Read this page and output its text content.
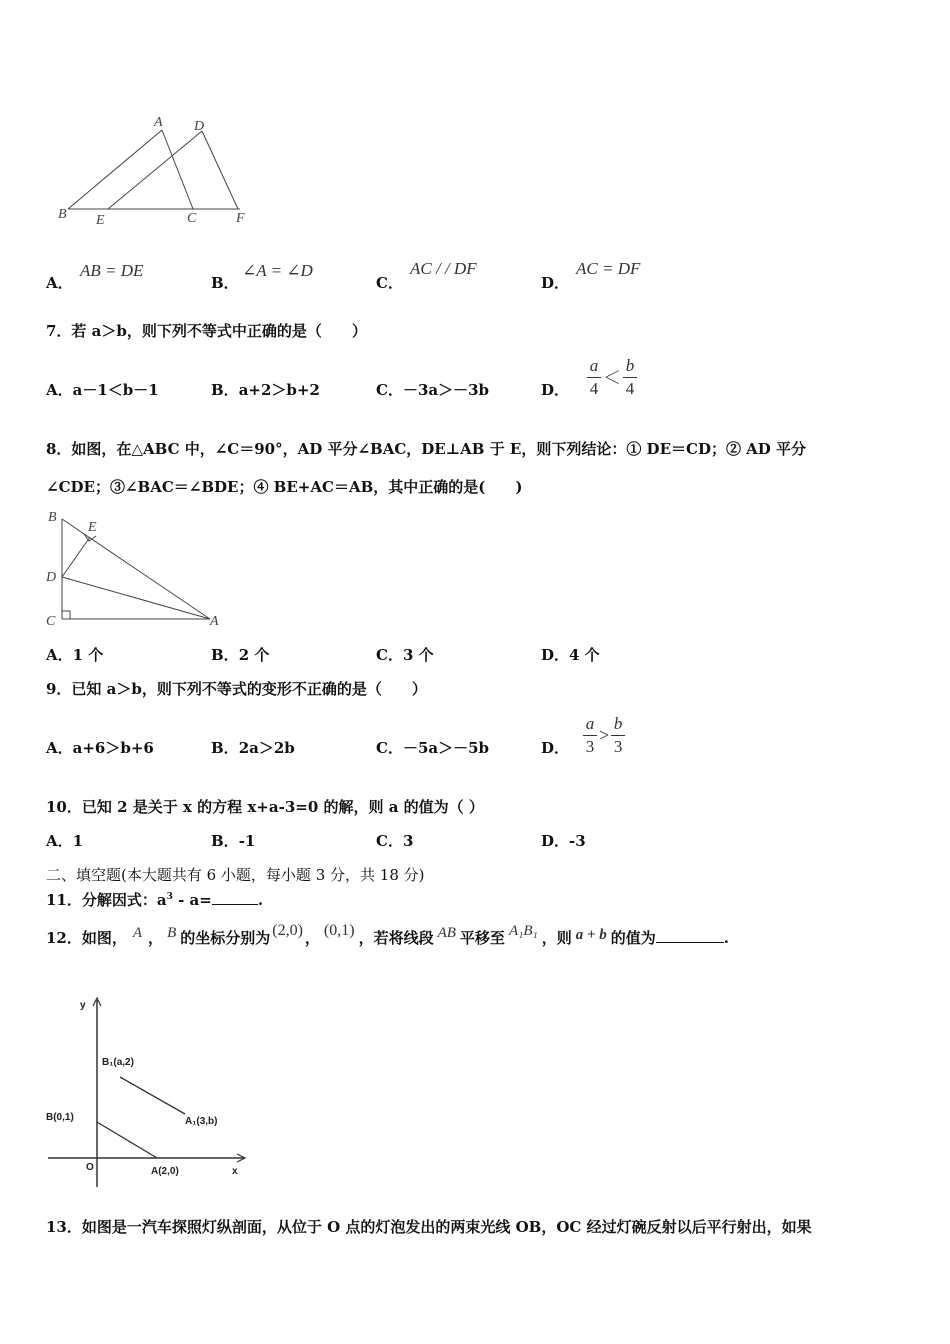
A D
B E	C	F
A．
AB = DE
B．
∠A = ∠D
C．
AC / / DF
D．
AC = DF
7．若 a＞b，则下列不等式中正确的是（　　）
A．a－1＜b－1	B．a+2＞b+2	C．－3a＞－3b	D． $\frac{a}{4} < \frac{b}{4}$
8．如图，在△ABC 中，∠C＝90°，AD 平分∠BAC，DE⊥AB 于 E，则下列结论：① DE＝CD；② AD 平分
∠CDE；③∠BAC＝∠BDE；④ BE+AC＝AB，其中正确的是(　　)
B
E
D
C	A
A．1 个	B．2 个	C．3 个	D．4 个
9．已知 a＞b，则下列不等式的变形不正确的是（　　）
A．a+6＞b+6	B．2a＞2b	C．－5a＞－5b	D． $\frac{a}{3} > \frac{b}{3}$
10．已知 2 是关于 x 的方程 x+a-3=0 的解，则 a 的值为（ ）
A．1	B．-1	C．3	D．-3
二、填空题(本大题共有 6 小题，每小题 3 分，共 18 分)
11．分解因式：$a^3 - a=$	.
12．如图， A ， B 的坐标分别为 (2,0) ， (0,1) ，若将线段 AB 平移至 A₁B₁ ，则 a + b 的值为	.
y
B₁(a,2)
B(0,1)	A₁(3,b)
O	A(2,0)	x
13．如图是一汽车探照灯纵剖面，从位于 O 点的灯泡发出的两束光线 OB，OC 经过灯碗反射以后平行射出，如果
